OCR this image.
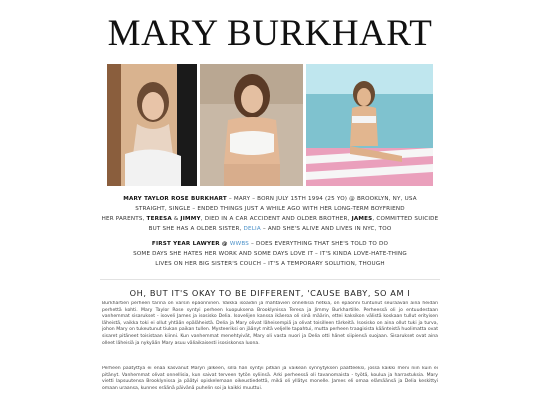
MARY BURKHART
MARY TAYLOR ROSE BURKHART – MARY – BORN JULY 15TH 1994 (25 YO) @ BROOKLYN, NY, USA
STRAIGHT, SINGLE – ENDED THINGS JUST A WHILE AGO WITH HER LONG-TERM BOYFRIEND
HER PARENTS, TERESA & JIMMY, DIED IN A CAR ACCIDENT AND OLDER BROTHER, JAMES, COMMITTED SUICIDE
BUT SHE HAS A OLDER SISTER, DELIA – AND SHE'S ALIVE AND LIVES IN NYC, TOO
FIRST YEAR LAWYER @ WWBS – DOES EVERYTHING THAT SHE'S TOLD TO DO
SOME DAYS SHE HATES HER WORK AND SOME DAYS LOVE IT – IT'S KINDA LOVE-HATE-THING
LIVES ON HER BIG SISTER'S COUCH – IT'S A TEMPORARY SOLUTION, THOUGH
OH, BUT IT'S OKAY TO BE DIFFERENT, 'CAUSE BABY, SO AM I
Burkhartien perheen tarina on varsin epäonninen. Vaikka isoäidin ja mahtavien onnellisia hetkiä, on epäonni tuntunut seuraavan aina heidän perhettä kohti. Mary Taylor Rose syntyi perheen kuopuksena Brooklynissa Teresa ja Jimmy Burkhartille. Perheessä oli jo entuudestaan vanhemmat sisarukset - isoveli James ja isosisko Delia. Isovelijen kanssa ikäeroa oli sinä määrin, ettei kaksikon välistä koskaan tullut erityisen läheistä, vaikka toki ei ollut yhtään epäläheistä. Delia ja Mary olivat läheisempiä ja olivat toisilleen tärkeitä. Isosisko on aina ollut tuki ja turva, johon Mary on tukeutunut tiukan paikan tullen. Mysteeriksi on jäänyt mitä veljelle tapahtui, mutta perheen traagisista käänteistä huolimatta ovat sisaret pitäneet toisistaan kiinni. Kun vanhemmat menehtyivät, Mary oli vasta nuori ja Delia otti hänet siipiensä suojaan. Sisarukset ovat aina olleet läheisiä ja nykyään Mary asuu väliaikaisesti isosiskonsa luona.
Perheen päätyttyä ei enää kasvanut Maryn jälkeen, sillä hän syntyi pitkän ja vaikean synnytyksen päätteeksi, jossa kaikki meni niin kuin ei pitänyt. Vanhemmat olivat onnellisia, kun saivat terveen tytön syliinsä. Arki perheessä oli tavanomaista - työtä, koulua ja harrastuksia. Mary vietti lapsuutensa Brooklynissa ja päätyi opiskelemaan oikeustiedettä, mikä oli yllätys monelle. James eli omaa elämäänsä ja Delia keskittyi omaan uraansa, kunnes eräänä päivänä puhelin soi ja kaikki muuttui.
